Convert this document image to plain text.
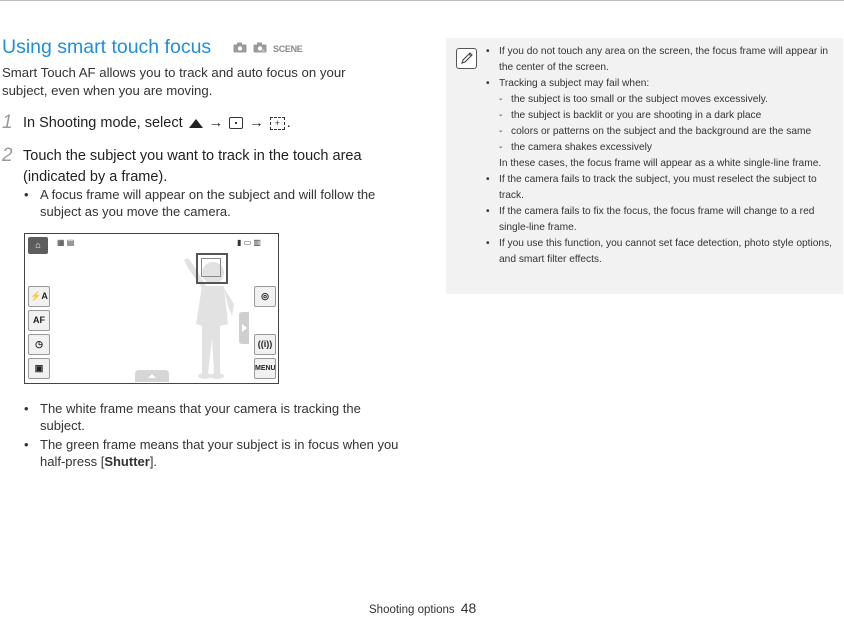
Using smart touch focus	S SCENE
Smart Touch AF allows you to track and auto focus on your subject, even when you are moving.
1 In Shooting mode, select → → + .
2 Touch the subject you want to track in the touch area
(indicated by a frame).
• A focus frame will appear on the subject and will follow the subject as you move the camera.
⌂	▦ ▤	▮ ▭ ▥
⚡A
AF
◷
▣
◎
((i))
MENU
• The white frame means that your camera is tracking the subject.
• The green frame means that your subject is in focus when you half-press [Shutter].
• If you do not touch any area on the screen, the focus frame will appear in the center of the screen.
• Tracking a subject may fail when:
- the subject is too small or the subject moves excessively.
- the subject is backlit or you are shooting in a dark place
- colors or patterns on the subject and the background are the same
- the camera shakes excessively
In these cases, the focus frame will appear as a white single-line frame.
• If the camera fails to track the subject, you must reselect the subject to track.
• If the camera fails to fix the focus, the focus frame will change to a red single-line frame.
• If you use this function, you cannot set face detection, photo style options, and smart filter effects.
Shooting options 48
